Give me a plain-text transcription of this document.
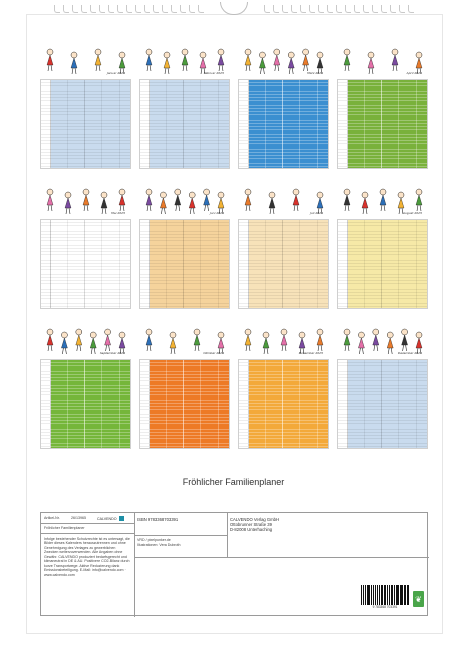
Januar 2025	Februar 2025	März 2025	April 2025
Mai 2025	Juni 2025	Juli 2025	August 2025
September 2025	Oktober 2025	November 2025	Dezember 2025
Fröhlicher Familienplaner
Artikel-Nr.	26/13965	CALVENDO
Fröhlicher Familienplaner
Infolge bestehender Schutzrechte ist es untersagt, die Bilder dieses Kalenders herauszutrennen und ohne Genehmigung des Verlages zu gewerblichen Zwecken weiterzuverwenden. Alle Angaben ohne Gewähr. CALVENDO produziert bedarfsgerecht und klimaneutral in DE & AU. Positivere CO2-Bilanz durch kurze Transportwege. Aktive Reduzierung dank Emissionsbeteiligung. E-Mail: info@calvendo.com · www.calvendo.com
ISBN 9783368703391
VRD / pixelpunker.de
Illustrationen: Vera Dubroth
CALVENDO Verlag GmbH
Ottobrunner Straße 39
D-82008 Unterhaching
9 783368 703391
❦
